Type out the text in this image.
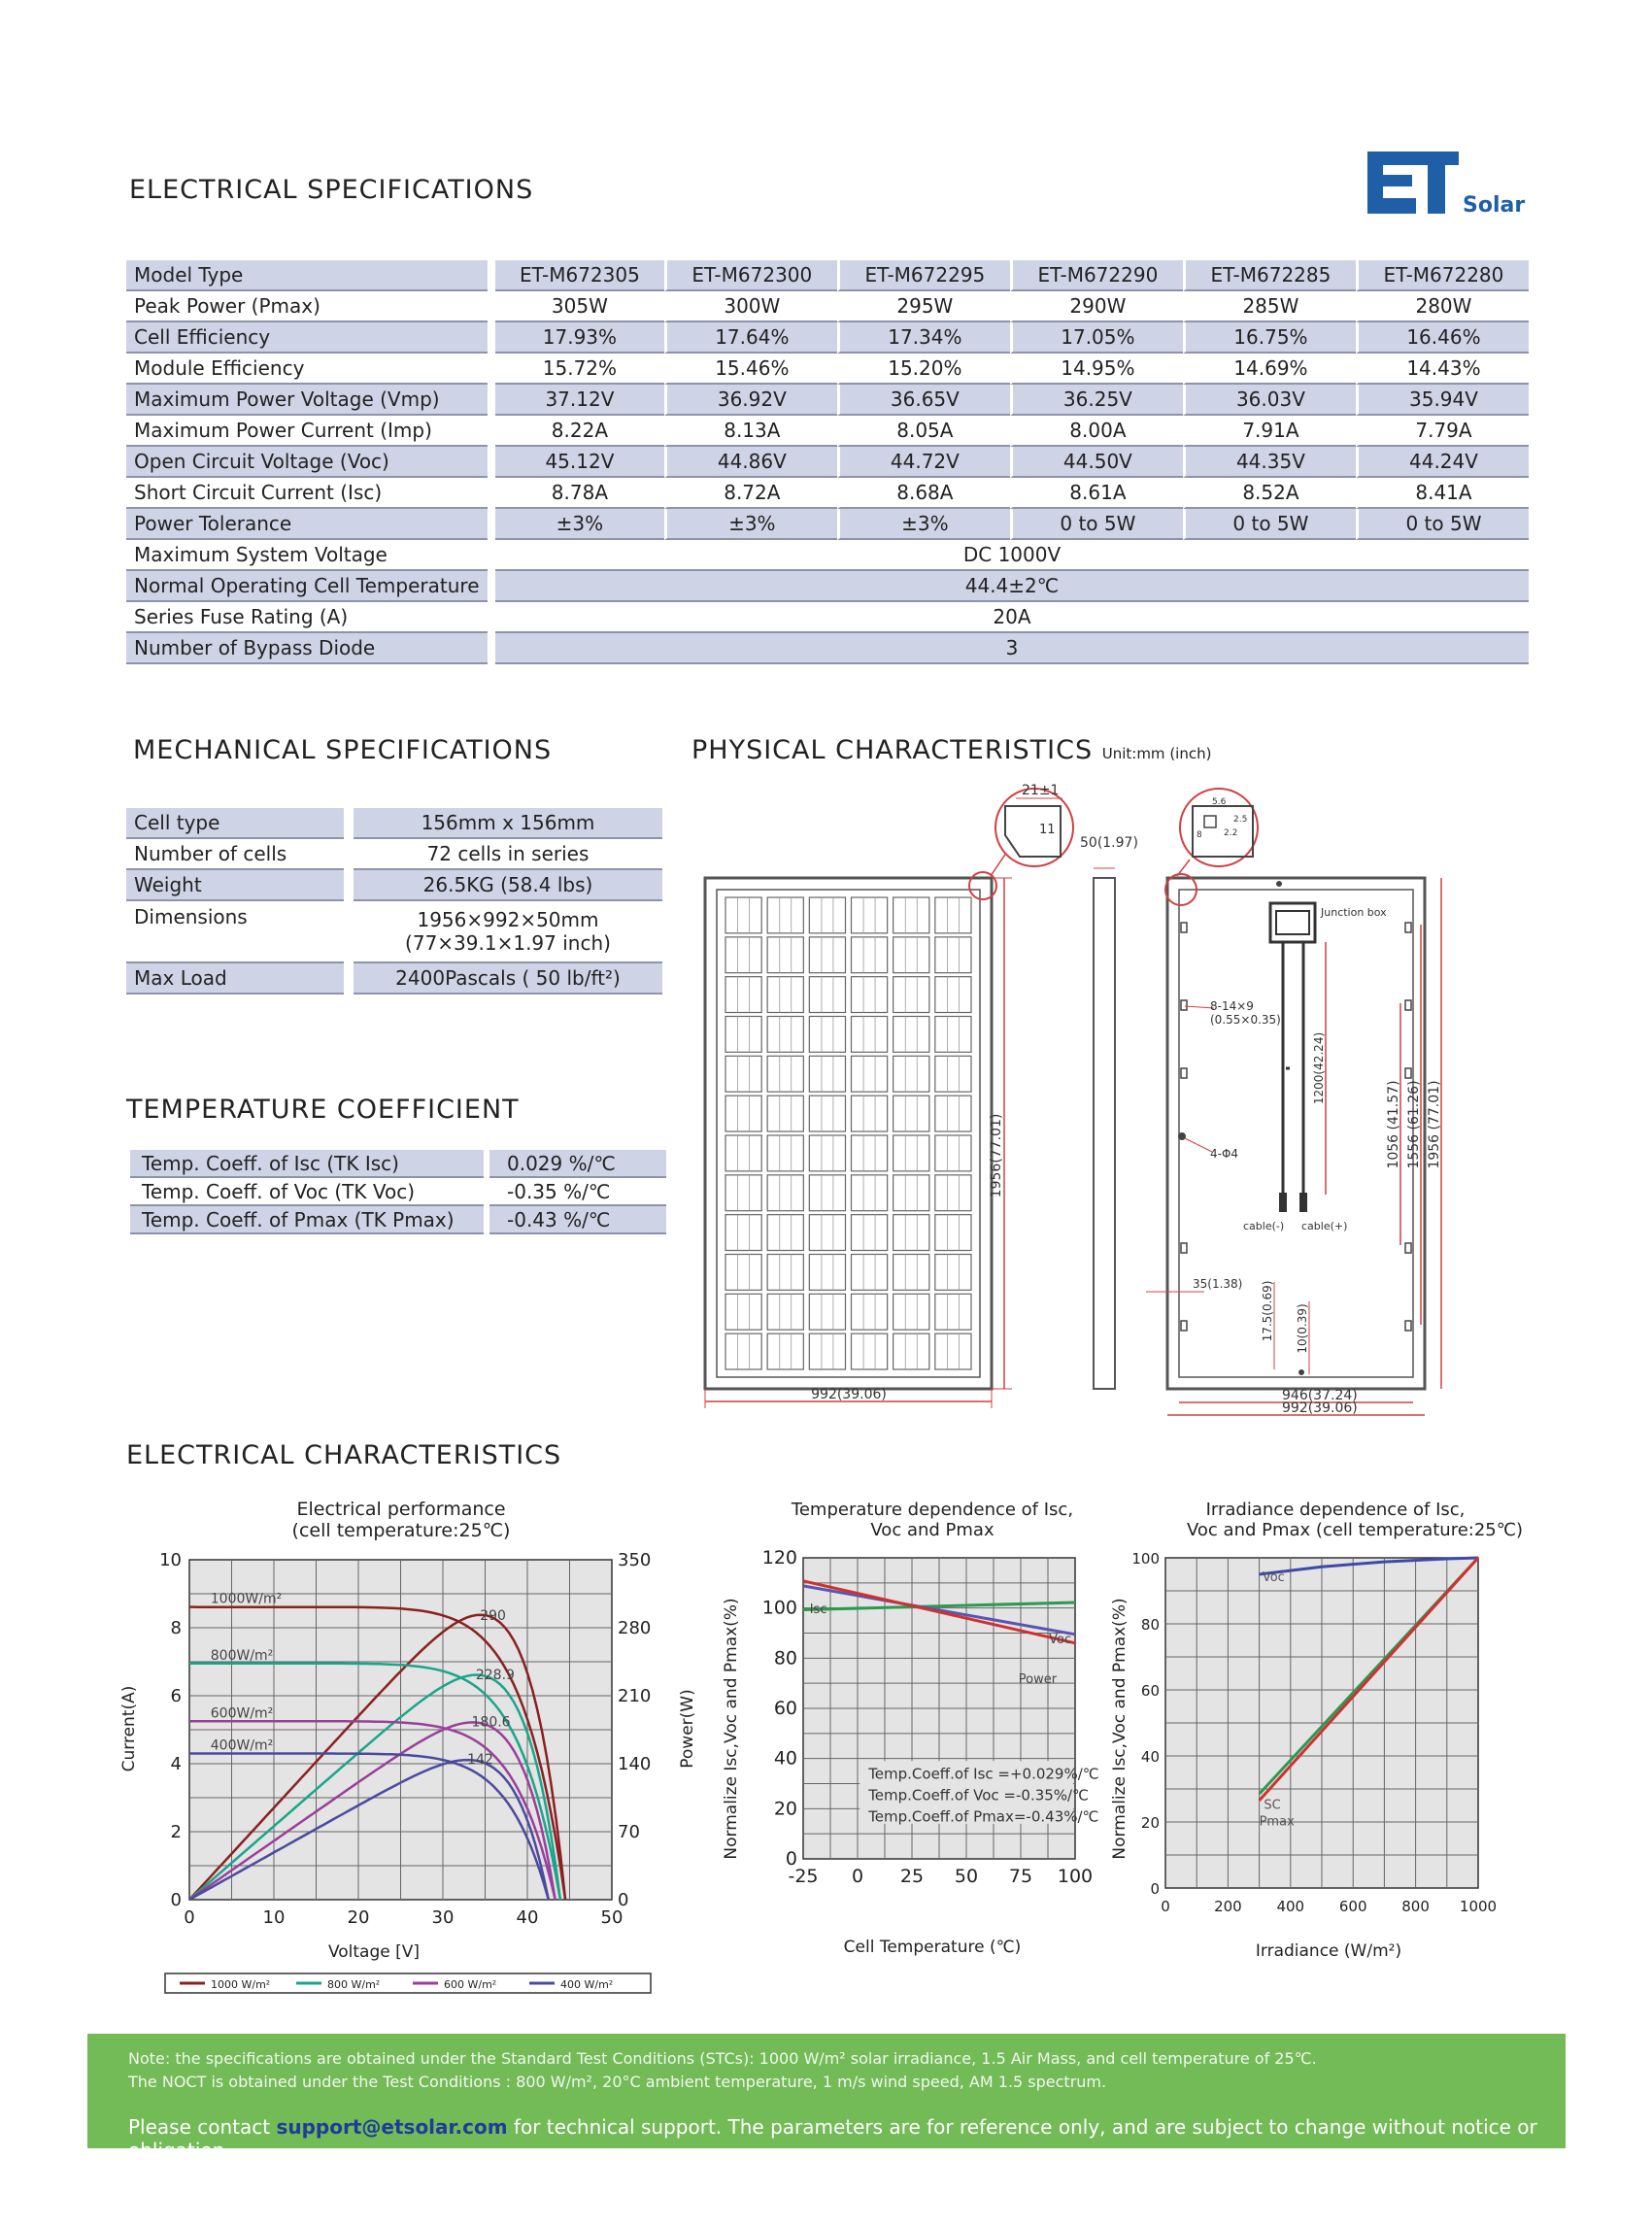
Solar
ELECTRICAL SPECIFICATIONS
Model Type		ET-M672305	ET-M672300	ET-M672295	ET-M672290	ET-M672285	ET-M672280
Peak Power (Pmax)		305W	300W	295W	290W	285W	280W
Cell Efficiency		17.93%	17.64%	17.34%	17.05%	16.75%	16.46%
Module Efficiency		15.72%	15.46%	15.20%	14.95%	14.69%	14.43%
Maximum Power Voltage (Vmp)		37.12V	36.92V	36.65V	36.25V	36.03V	35.94V
Maximum Power Current (Imp)		8.22A	8.13A	8.05A	8.00A	7.91A	7.79A
Open Circuit Voltage (Voc)		45.12V	44.86V	44.72V	44.50V	44.35V	44.24V
Short Circuit Current (Isc)		8.78A	8.72A	8.68A	8.61A	8.52A	8.41A
Power Tolerance		±3%	±3%	±3%	0 to 5W	0 to 5W	0 to 5W
Maximum System Voltage		DC 1000V					
Normal Operating Cell Temperature		44.4±2℃					
Series Fuse Rating (A)		20A					
Number of Bypass Diode		3					
MECHANICAL SPECIFICATIONS
Cell type		156mm x 156mm
Number of cells		72 cells in series
Weight		26.5KG (58.4 lbs)
Dimensions		1956×992×50mm
(77×39.1×1.97 inch)

Max Load		2400Pascals ( 50 lb/ft²)
TEMPERATURE COEFFICIENT
Temp. Coeff. of Isc (TK Isc)		0.029 %/℃
Temp. Coeff. of Voc (TK Voc)		-0.35 %/℃
Temp. Coeff. of Pmax (TK Pmax)		-0.43 %/℃
PHYSICAL CHARACTERISTICS Unit:mm (inch)
21±1
11
1956(77.01)
992(39.06)
50(1.97)
5.6
8 2.2
2.5
Junction box
cable(-) cable(+)
1200(42.24)
8-14×9
(0.55×0.35)
4-Φ4	1056 (41.57) 1556 (61.26) 1956 (77.01)
35(1.38) 17.5(0.69) 10(0.39)
946(37.24)
992(39.06)
ELECTRICAL CHARACTERISTICS
Electrical performance
(cell temperature:25℃)
0	10	20	30	40	50
0
2
4
6
8
10
0
70
140
210
280
350
1000W/m²
290
800W/m²
228.9
600W/m²
180.6
400W/m²
142
Current(A)	Power(W)
Voltage [V]
1000 W/m²	800 W/m²	600 W/m²	400 W/m²
Temperature dependence of Isc,
Voc and Pmax
-25 0 25 50 75 100
0
20
40
60
80
100
120
Isc
Voc
Power
Temp.Coeff.of Isc =+0.029%/℃
Temp.Coeff.of Voc =-0.35%/℃
Temp.Coeff.of Pmax=-0.43%/℃
Normalize Isc,Voc and Pmax(%)
Cell Temperature (℃)
Irradiance dependence of Isc,
Voc and Pmax (cell temperature:25℃)
0	200 400 600 800 1000
0
20
40
60
80
100
Voc
SC
Pmax
Normalize Isc,Voc and Pmax(%)
Irradiance (W/m²)
Note: the specifications are obtained under the Standard Test Conditions (STCs): 1000 W/m² solar irradiance, 1.5 Air Mass, and cell temperature of 25℃.
The NOCT is obtained under the Test Conditions : 800 W/m², 20°C ambient temperature, 1 m/s wind speed, AM 1.5 spectrum.
Please contact support@etsolar.com for technical support. The parameters are for reference only, and are subject to change without notice or obligation.
